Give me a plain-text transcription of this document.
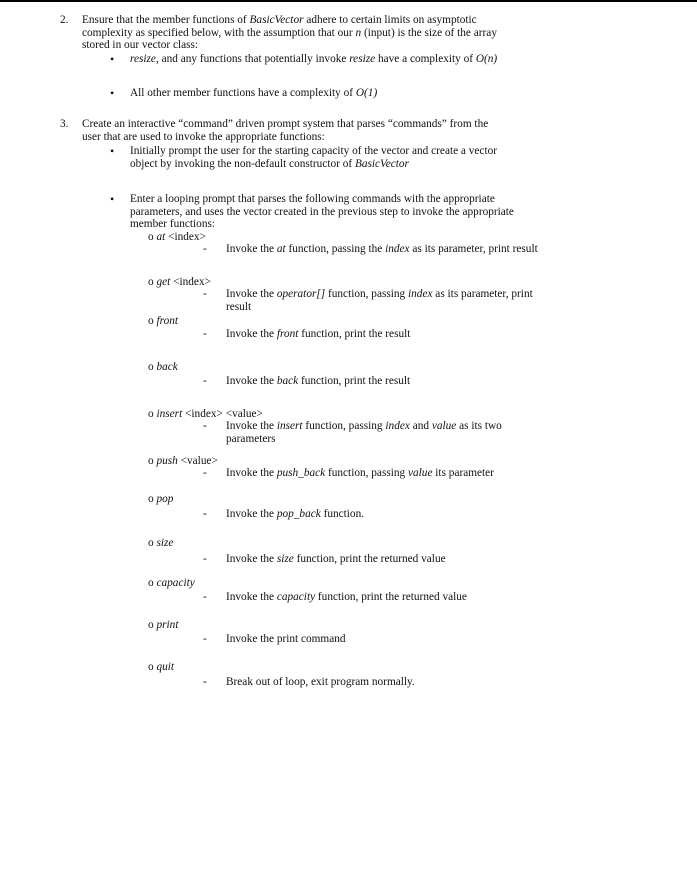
2. Ensure that the member functions of BasicVector adhere to certain limits on asymptotic
complexity as specified below, with the assumption that our n (input) is the size of the array
stored in our vector class:
• resize, and any functions that potentially invoke resize have a complexity of O(n)
• All other member functions have a complexity of O(1)
3. Create an interactive “command” driven prompt system that parses “commands” from the
user that are used to invoke the appropriate functions:
• Initially prompt the user for the starting capacity of the vector and create a vector
object by invoking the non-default constructor of BasicVector
• Enter a looping prompt that parses the following commands with the appropriate
parameters, and uses the vector created in the previous step to invoke the appropriate
member functions:
o at <index>
- Invoke the at function, passing the index as its parameter, print result
o get <index>
- Invoke the operator[] function, passing index as its parameter, print
result
o front
- Invoke the front function, print the result
o back
- Invoke the back function, print the result
o insert <index> <value>
- Invoke the insert function, passing index and value as its two
parameters
o push <value>
- Invoke the push_back function, passing value its parameter
o pop
- Invoke the pop_back function.
o size
- Invoke the size function, print the returned value
o capacity
- Invoke the capacity function, print the returned value
o print
- Invoke the print command
o quit
- Break out of loop, exit program normally.
